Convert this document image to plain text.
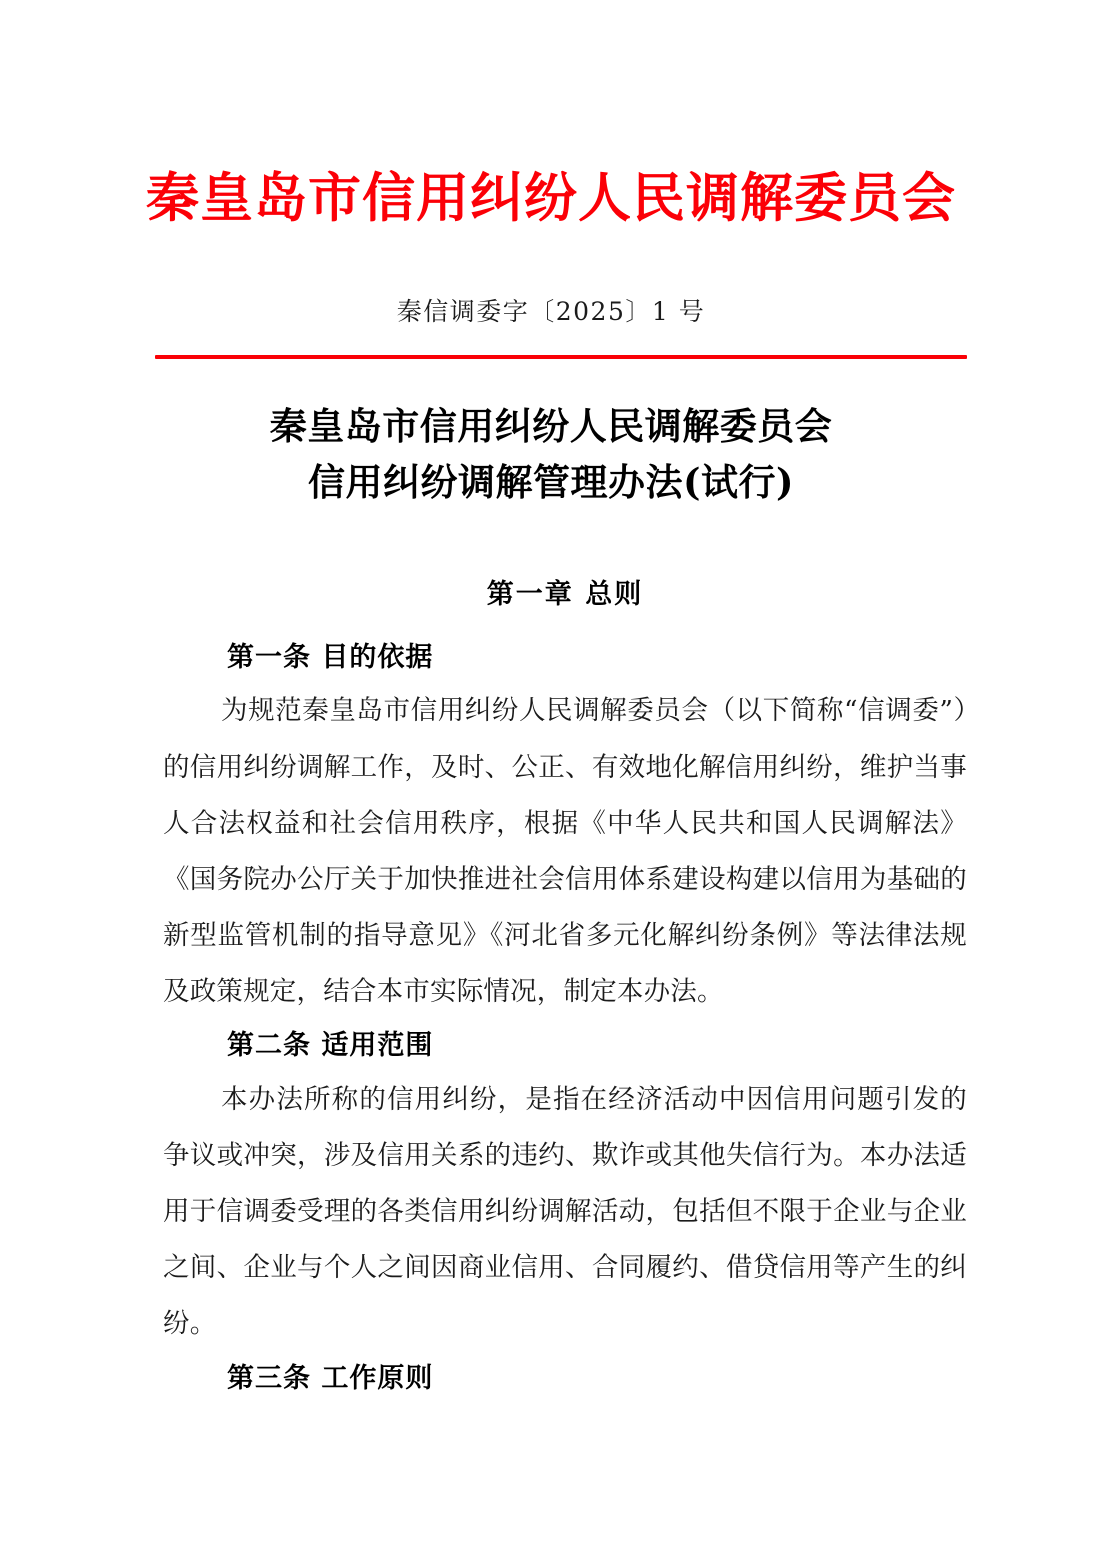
秦皇岛市信用纠纷人民调解委员会
秦信调委字〔2025〕1 号
秦皇岛市信用纠纷人民调解委员会
信用纠纷调解管理办法(试行)
第一章 总则
第一条 目的依据

为规范秦皇岛市信用纠纷人民调解委员会（以下简称“信调委”）的信用纠纷调解工作，及时、公正、有效地化解信用纠纷，维护当事人合法权益和社会信用秩序，根据《中华人民共和国人民调解法》《国务院办公厅关于加快推进社会信用体系建设构建以信用为基础的新型监管机制的指导意见》《河北省多元化解纠纷条例》等法律法规及政策规定，结合本市实际情况，制定本办法。

第二条 适用范围

本办法所称的信用纠纷，是指在经济活动中因信用问题引发的争议或冲突，涉及信用关系的违约、欺诈或其他失信行为。本办法适用于信调委受理的各类信用纠纷调解活动，包括但不限于企业与企业之间、企业与个人之间因商业信用、合同履约、借贷信用等产生的纠纷。

第三条 工作原则
